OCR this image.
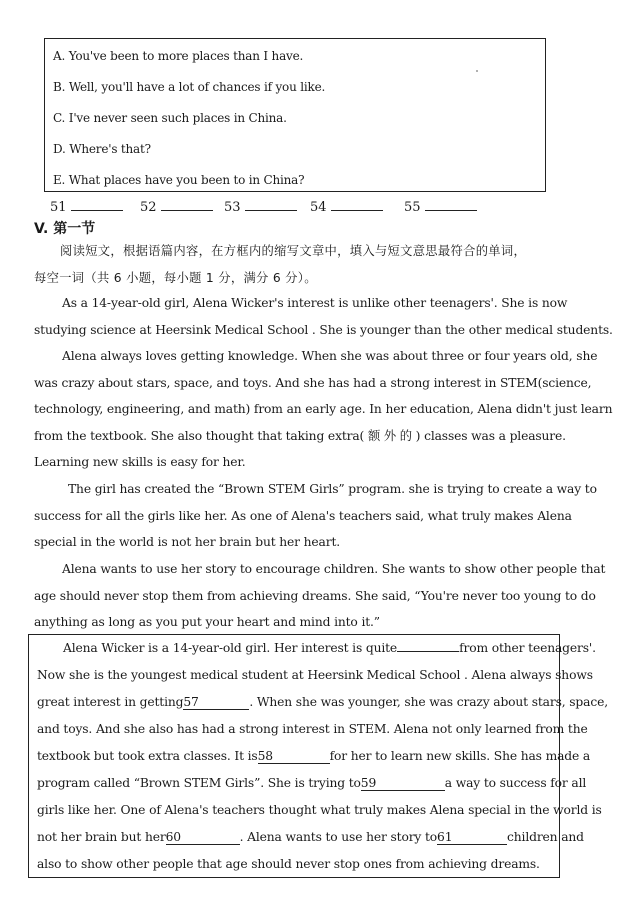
A. You've been to more places than I have.
B. Well, you'll have a lot of chances if you like.
C. I've never seen such places in China.
D. Where's that?
E. What places have you been to in China?
51	52	53	54	55
V. 第一节
阅读短文，根据语篇内容，在方框内的缩写文章中，填入与短文意思最符合的单词，
每空一词（共 6 小题，每小题 1 分，满分 6 分）。
As a 14-year-old girl, Alena Wicker's interest is unlike other teenagers'. She is now
studying science at Heersink Medical School . She is younger than the other medical students.
Alena always loves getting knowledge. When she was about three or four years old, she
was crazy about stars, space, and toys. And she has had a strong interest in STEM(science,
technology, engineering, and math) from an early age. In her education, Alena didn't just learn
from the textbook. She also thought that taking extra( 额 外 的 ) classes was a pleasure.
Learning new skills is easy for her.
The girl has created the “Brown STEM Girls” program. she is trying to create a way to
success for all the girls like her. As one of Alena's teachers said, what truly makes Alena
special in the world is not her brain but her heart.
Alena wants to use her story to encourage children. She wants to show other people that
age should never stop them from achieving dreams. She said, “You're never too young to do
anything as long as you put your heart and mind into it.”
Alena Wicker is a 14-year-old girl. Her interest is quite	from other teenagers'.
Now she is the youngest medical student at Heersink Medical School . Alena always shows
great interest in getting57	. When she was younger, she was crazy about stars, space,
and toys. And she also has had a strong interest in STEM. Alena not only learned from the
textbook but took extra classes. It is58	for her to learn new skills. She has made a
program called “Brown STEM Girls”. She is trying to59	a way to success for all
girls like her. One of Alena's teachers thought what truly makes Alena special in the world is
not her brain but her60	. Alena wants to use her story to61	children and
also to show other people that age should never stop ones from achieving dreams.
